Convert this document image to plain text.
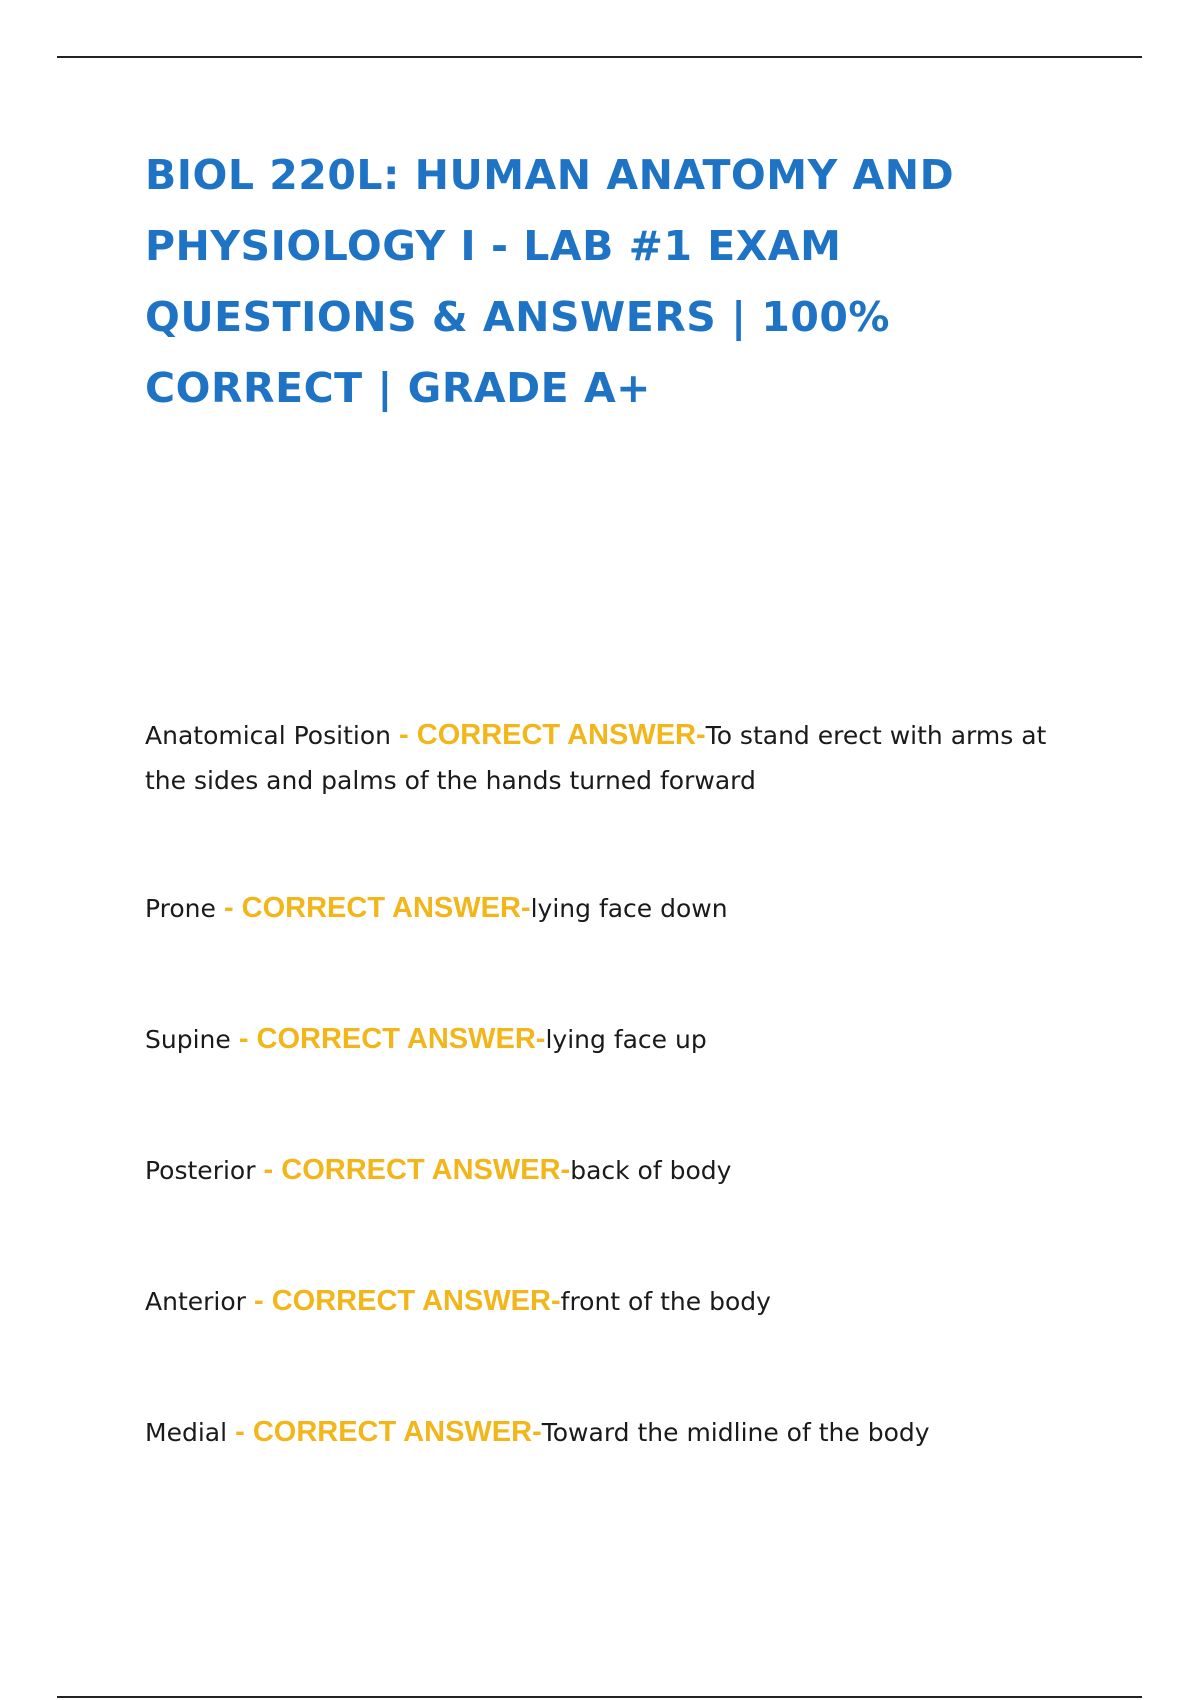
BIOL 220L: HUMAN ANATOMY AND PHYSIOLOGY I - LAB #1 EXAM QUESTIONS & ANSWERS | 100% CORRECT | GRADE A+

Anatomical Position - CORRECT ANSWER-To stand erect with arms at the sides and palms of the hands turned forward

Prone - CORRECT ANSWER-lying face down

Supine - CORRECT ANSWER-lying face up

Posterior - CORRECT ANSWER-back of body

Anterior - CORRECT ANSWER-front of the body

Medial - CORRECT ANSWER-Toward the midline of the body
